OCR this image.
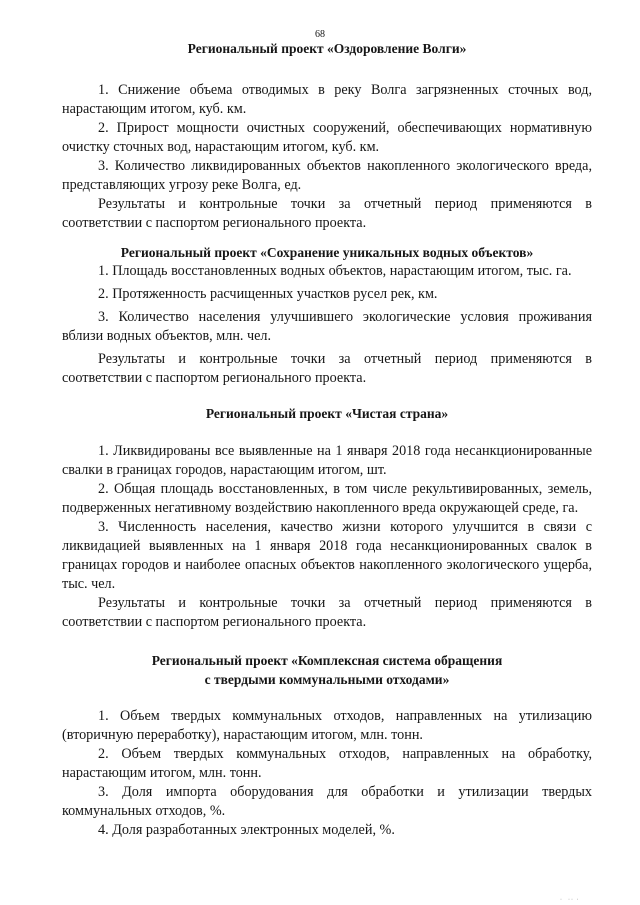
68
Региональный проект «Оздоровление Волги»

1. Снижение объема отводимых в реку Волга загрязненных сточных вод, нарастающим итогом, куб. км.

2. Прирост мощности очистных сооружений, обеспечивающих нормативную очистку сточных вод, нарастающим итогом, куб. км.

3. Количество ликвидированных объектов накопленного экологического вреда, представляющих угрозу реке Волга, ед.

Результаты и контрольные точки за отчетный период применяются в соответствии с паспортом регионального проекта.

Региональный проект «Сохранение уникальных водных объектов»

1. Площадь восстановленных водных объектов, нарастающим итогом, тыс. га.

2. Протяженность расчищенных участков русел рек, км.

3. Количество населения улучшившего экологические условия проживания вблизи водных объектов, млн. чел.

Результаты и контрольные точки за отчетный период применяются в соответствии с паспортом регионального проекта.

Региональный проект «Чистая страна»

1. Ликвидированы все выявленные на 1 января 2018 года несанкционированные свалки в границах городов, нарастающим итогом, шт.

2. Общая площадь восстановленных, в том числе рекультивированных, земель, подверженных негативному воздействию накопленного вреда окружающей среде, га.

3. Численность населения, качество жизни которого улучшится в связи с ликвидацией выявленных на 1 января 2018 года несанкционированных свалок в границах городов и наиболее опасных объектов накопленного экологического ущерба, тыс. чел.

Результаты и контрольные точки за отчетный период применяются в соответствии с паспортом регионального проекта.

Региональный проект «Комплексная система обращения
с твердыми коммунальными отходами»

1. Объем твердых коммунальных отходов, направленных на утилизацию (вторичную переработку), нарастающим итогом, млн. тонн.

2. Объем твердых коммунальных отходов, направленных на обработку, нарастающим итогом, млн. тонн.

3. Доля импорта оборудования для обработки и утилизации твердых коммунальных отходов, %.

4. Доля разработанных электронных моделей, %.

·  ·· ·
